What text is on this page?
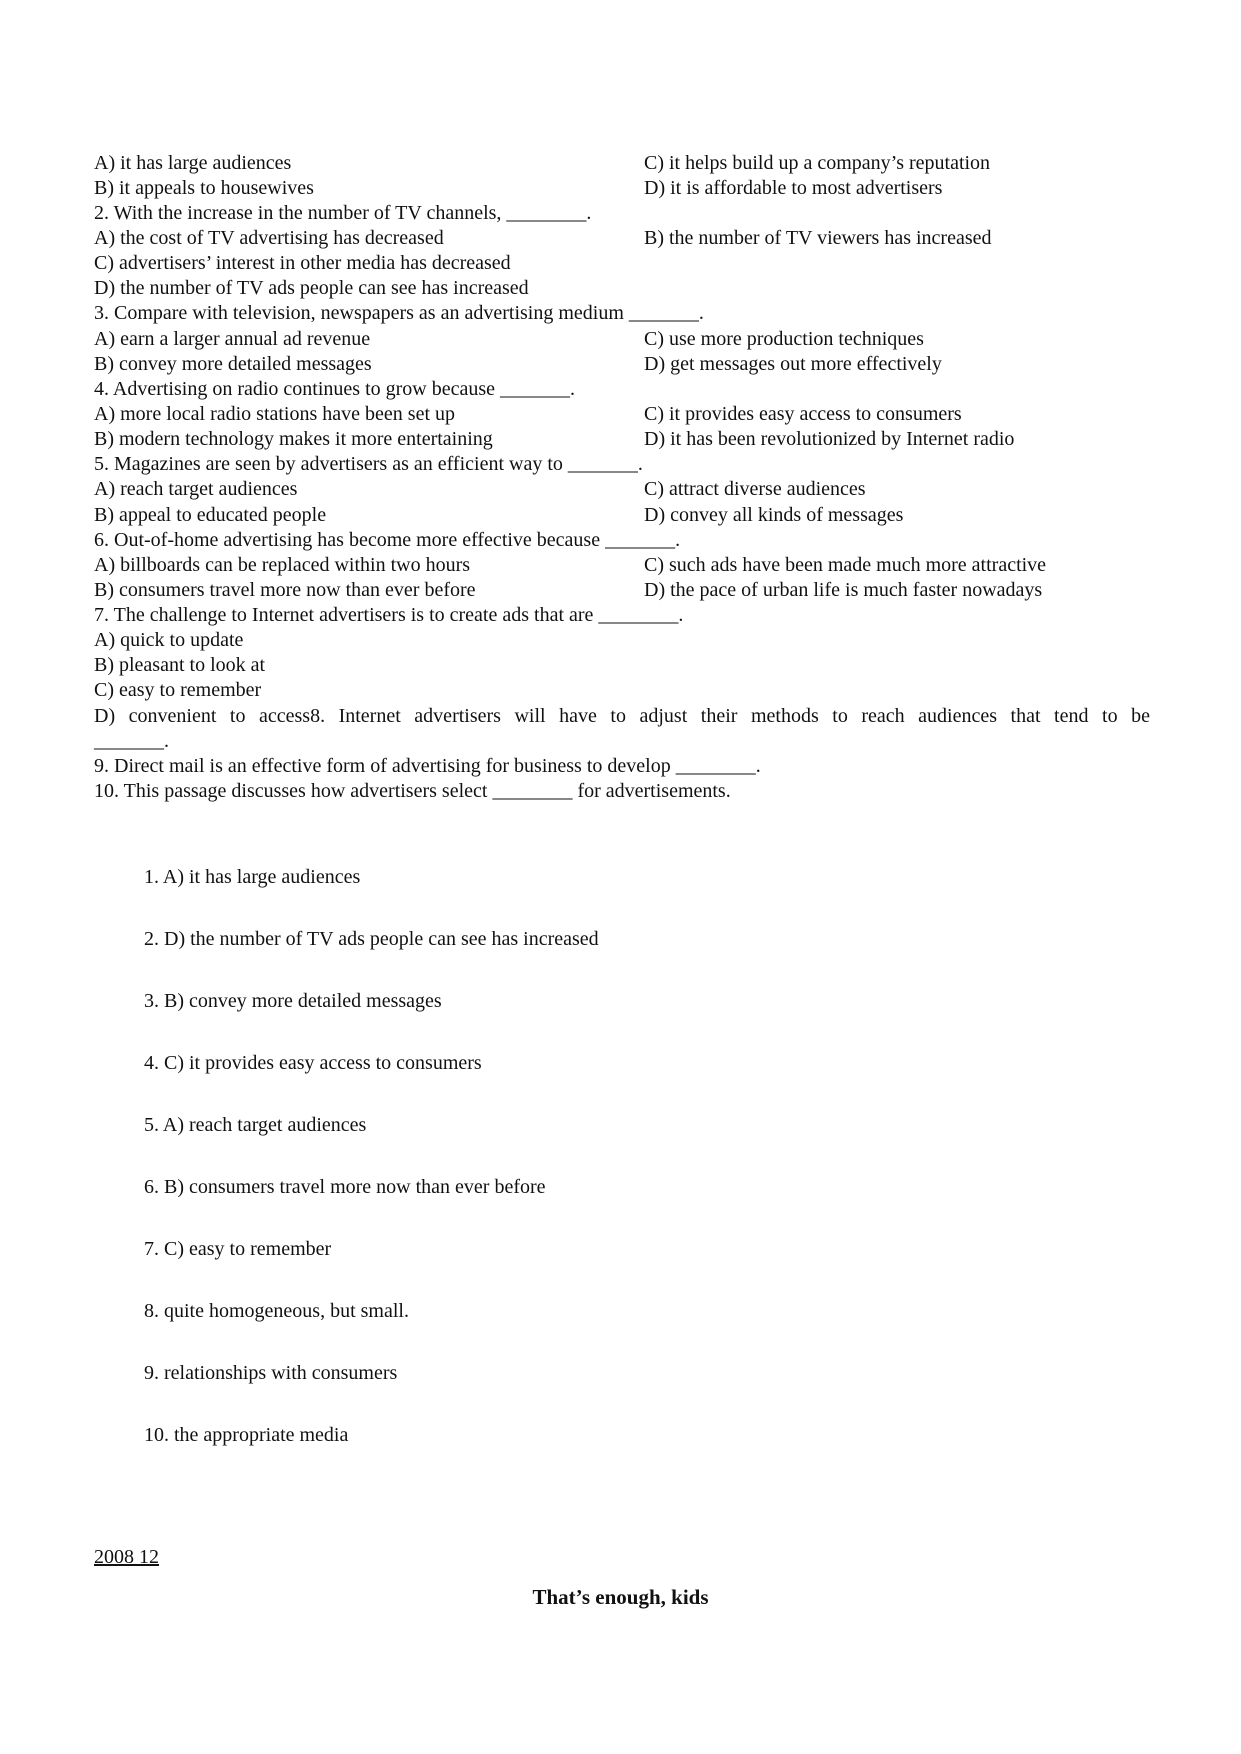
A) it has large audiences	C) it helps build up a company’s reputation
B) it appeals to housewives	D) it is affordable to most advertisers
2. With the increase in the number of TV channels, ________.
A) the cost of TV advertising has decreased	B) the number of TV viewers has increased
C) advertisers’ interest in other media has decreased
D) the number of TV ads people can see has increased
3. Compare with television, newspapers as an advertising medium _______.
A) earn a larger annual ad revenue	C) use more production techniques
B) convey more detailed messages	D) get messages out more effectively
4. Advertising on radio continues to grow because _______.
A) more local radio stations have been set up	C) it provides easy access to consumers
B) modern technology makes it more entertaining	D) it has been revolutionized by Internet radio
5. Magazines are seen by advertisers as an efficient way to _______.
A) reach target audiences	C) attract diverse audiences
B) appeal to educated people	D) convey all kinds of messages
6. Out-of-home advertising has become more effective because _______.
A) billboards can be replaced within two hours	C) such ads have been made much more attractive
B) consumers travel more now than ever before	D) the pace of urban life is much faster nowadays
7. The challenge to Internet advertisers is to create ads that are ________.
A) quick to update
B) pleasant to look at
C) easy to remember
D) convenient to access8. Internet advertisers will have to adjust their methods to reach audiences that tend to be
_______.
9. Direct mail is an effective form of advertising for business to develop ________.
10. This passage discusses how advertisers select ________ for advertisements.
1. A) it has large audiences
2. D) the number of TV ads people can see has increased
3. B) convey more detailed messages
4. C) it provides easy access to consumers
5. A) reach target audiences
6. B) consumers travel more now than ever before
7. C) easy to remember
8. quite homogeneous, but small.
9. relationships with consumers
10. the appropriate media
2008 12
That’s enough, kids
